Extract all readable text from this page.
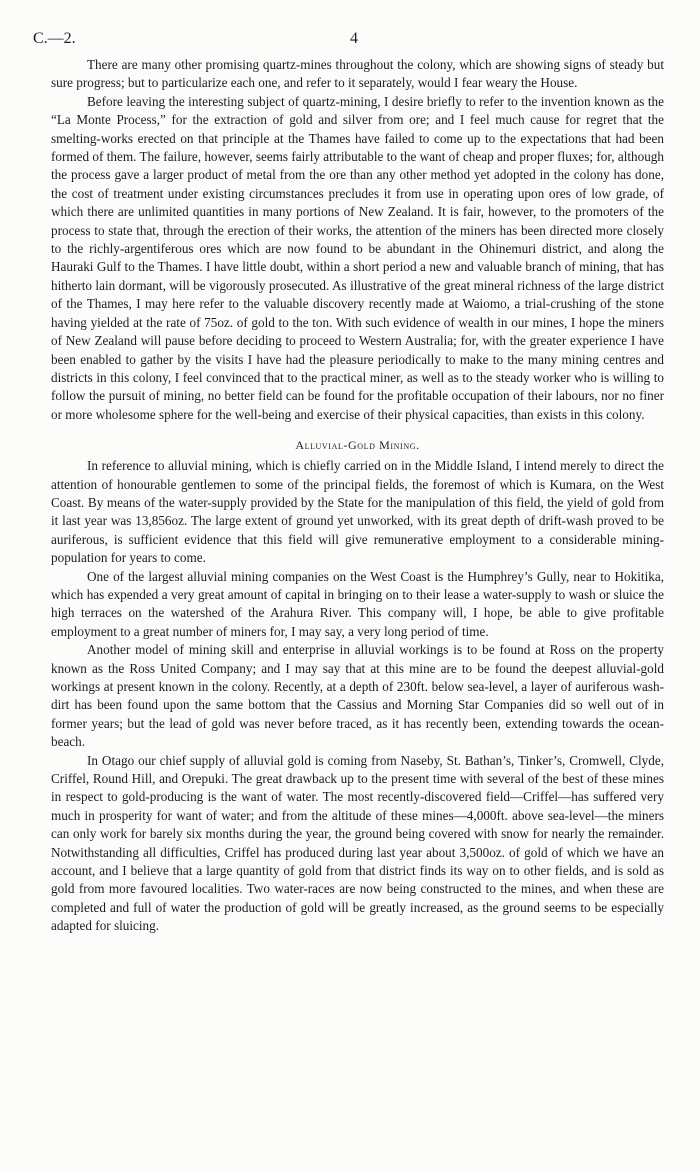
C.—2.	4

There are many other promising quartz-mines throughout the colony, which are showing signs of steady but sure progress; but to particularize each one, and refer to it separately, would I fear weary the House.

Before leaving the interesting subject of quartz-mining, I desire briefly to refer to the invention known as the “La Monte Process,” for the extraction of gold and silver from ore; and I feel much cause for regret that the smelting-works erected on that principle at the Thames have failed to come up to the expectations that had been formed of them. The failure, however, seems fairly attributable to the want of cheap and proper fluxes; for, although the process gave a larger product of metal from the ore than any other method yet adopted in the colony has done, the cost of treatment under existing circumstances precludes it from use in operating upon ores of low grade, of which there are unlimited quantities in many portions of New Zealand. It is fair, however, to the promoters of the process to state that, through the erection of their works, the attention of the miners has been directed more closely to the richly-argentiferous ores which are now found to be abundant in the Ohinemuri district, and along the Hauraki Gulf to the Thames. I have little doubt, within a short period a new and valuable branch of mining, that has hitherto lain dormant, will be vigorously prosecuted. As illustrative of the great mineral richness of the large district of the Thames, I may here refer to the valuable discovery recently made at Waiomo, a trial-crushing of the stone having yielded at the rate of 75oz. of gold to the ton. With such evidence of wealth in our mines, I hope the miners of New Zealand will pause before deciding to proceed to Western Australia; for, with the greater experience I have been enabled to gather by the visits I have had the pleasure periodically to make to the many mining centres and districts in this colony, I feel convinced that to the practical miner, as well as to the steady worker who is willing to follow the pursuit of mining, no better field can be found for the profitable occupation of their labours, nor no finer or more wholesome sphere for the well-being and exercise of their physical capacities, than exists in this colony.

Alluvial-Gold Mining.

In reference to alluvial mining, which is chiefly carried on in the Middle Island, I intend merely to direct the attention of honourable gentlemen to some of the principal fields, the foremost of which is Kumara, on the West Coast. By means of the water-supply provided by the State for the manipulation of this field, the yield of gold from it last year was 13,856oz. The large extent of ground yet unworked, with its great depth of drift-wash proved to be auriferous, is sufficient evidence that this field will give remunerative employment to a considerable mining-population for years to come.

One of the largest alluvial mining companies on the West Coast is the Humphrey’s Gully, near to Hokitika, which has expended a very great amount of capital in bringing on to their lease a water-supply to wash or sluice the high terraces on the watershed of the Arahura River. This company will, I hope, be able to give profitable employment to a great number of miners for, I may say, a very long period of time.

Another model of mining skill and enterprise in alluvial workings is to be found at Ross on the property known as the Ross United Company; and I may say that at this mine are to be found the deepest alluvial-gold workings at present known in the colony. Recently, at a depth of 230ft. below sea-level, a layer of auriferous wash-dirt has been found upon the same bottom that the Cassius and Morning Star Companies did so well out of in former years; but the lead of gold was never before traced, as it has recently been, extending towards the ocean-beach.

In Otago our chief supply of alluvial gold is coming from Naseby, St. Bathan’s, Tinker’s, Cromwell, Clyde, Criffel, Round Hill, and Orepuki. The great drawback up to the present time with several of the best of these mines in respect to gold-producing is the want of water. The most recently-discovered field—Criffel—has suffered very much in prosperity for want of water; and from the altitude of these mines—4,000ft. above sea-level—the miners can only work for barely six months during the year, the ground being covered with snow for nearly the remainder. Notwithstanding all difficulties, Criffel has produced during last year about 3,500oz. of gold of which we have an account, and I believe that a large quantity of gold from that district finds its way on to other fields, and is sold as gold from more favoured localities. Two water-races are now being constructed to the mines, and when these are completed and full of water the production of gold will be greatly increased, as the ground seems to be especially adapted for sluicing.
